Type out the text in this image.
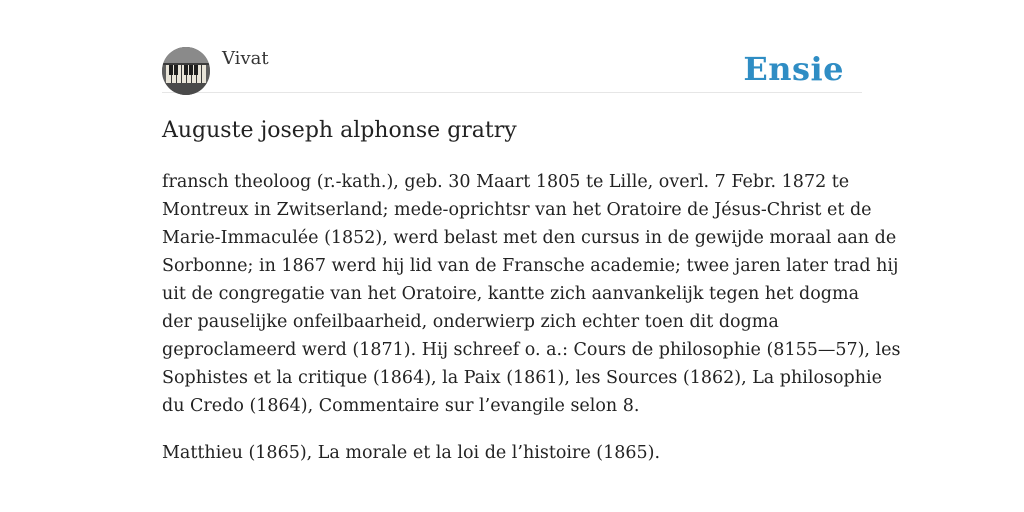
Vivat	Ensie
Auguste joseph alphonse gratry

fransch theoloog (r.-kath.), geb. 30 Maart 1805 te Lille, overl. 7 Febr. 1872 te
Montreux in Zwitserland; mede-oprichtsr van het Oratoire de Jésus-Christ et de
Marie-Immaculée (1852), werd belast met den cursus in de gewijde moraal aan de
Sorbonne; in 1867 werd hij lid van de Fransche academie; twee jaren later trad hij
uit de congregatie van het Oratoire, kantte zich aanvankelijk tegen het dogma
der pauselijke onfeilbaarheid, onderwierp zich echter toen dit dogma
geproclameerd werd (1871). Hij schreef o. a.: Cours de philosophie (8155—57), les
Sophistes et la critique (1864), la Paix (1861), les Sources (1862), La philosophie
du Credo (1864), Commentaire sur l’evangile selon 8.

Matthieu (1865), La morale et la loi de l’histoire (1865).
